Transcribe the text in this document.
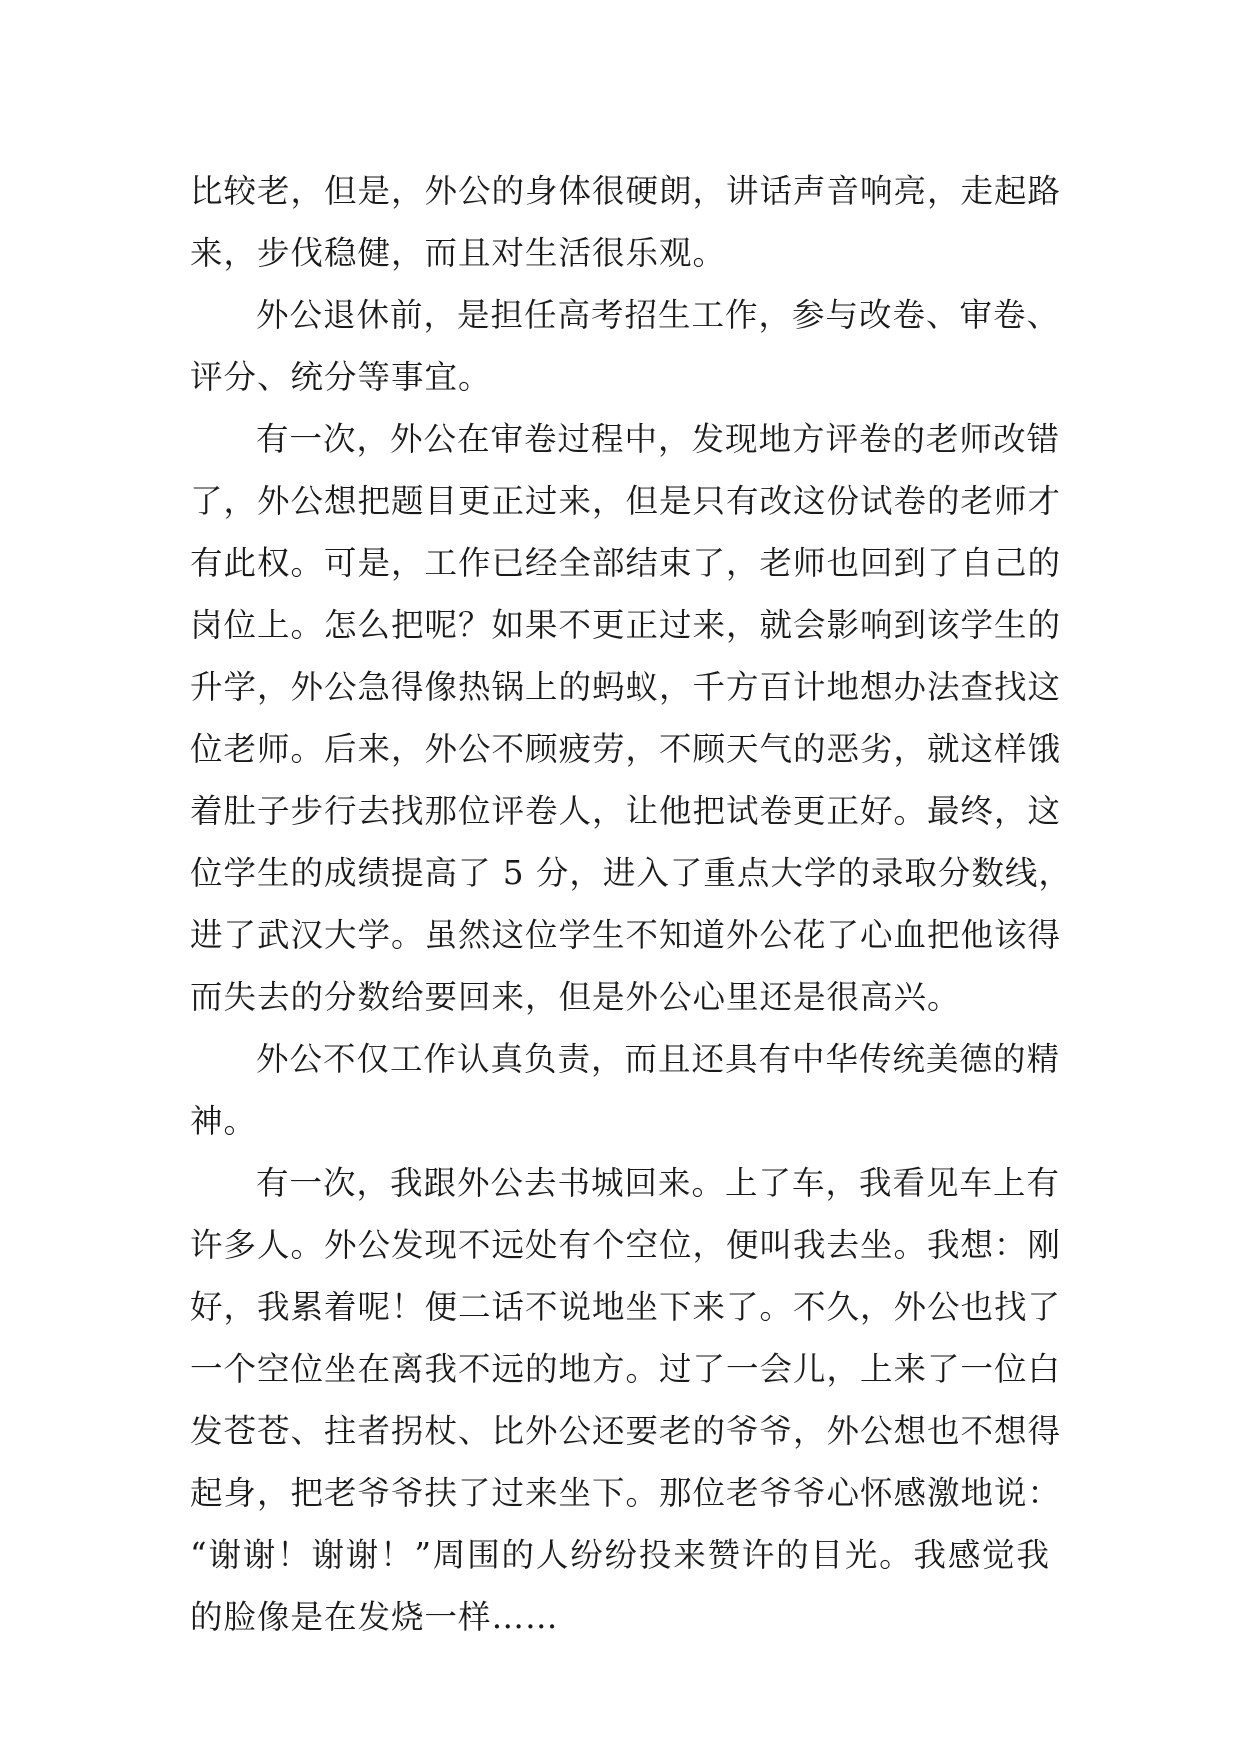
比较老，但是，外公的身体很硬朗，讲话声音响亮，走起路
来，步伐稳健，而且对生活很乐观。
外公退休前，是担任高考招生工作，参与改卷、审卷、
评分、统分等事宜。
有一次，外公在审卷过程中，发现地方评卷的老师改错
了，外公想把题目更正过来，但是只有改这份试卷的老师才
有此权。可是，工作已经全部结束了，老师也回到了自己的
岗位上。怎么把呢？如果不更正过来，就会影响到该学生的
升学，外公急得像热锅上的蚂蚁，千方百计地想办法查找这
位老师。后来，外公不顾疲劳，不顾天气的恶劣，就这样饿
着肚子步行去找那位评卷人，让他把试卷更正好。最终，这
位学生的成绩提高了 5 分，进入了重点大学的录取分数线，
进了武汉大学。虽然这位学生不知道外公花了心血把他该得
而失去的分数给要回来，但是外公心里还是很高兴。
外公不仅工作认真负责，而且还具有中华传统美德的精
神。
有一次，我跟外公去书城回来。上了车，我看见车上有
许多人。外公发现不远处有个空位，便叫我去坐。我想：刚
好，我累着呢！便二话不说地坐下来了。不久，外公也找了
一个空位坐在离我不远的地方。过了一会儿，上来了一位白
发苍苍、拄者拐杖、比外公还要老的爷爷，外公想也不想得
起身，把老爷爷扶了过来坐下。那位老爷爷心怀感激地说：
“谢谢！谢谢！”周围的人纷纷投来赞许的目光。我感觉我
的脸像是在发烧一样……
